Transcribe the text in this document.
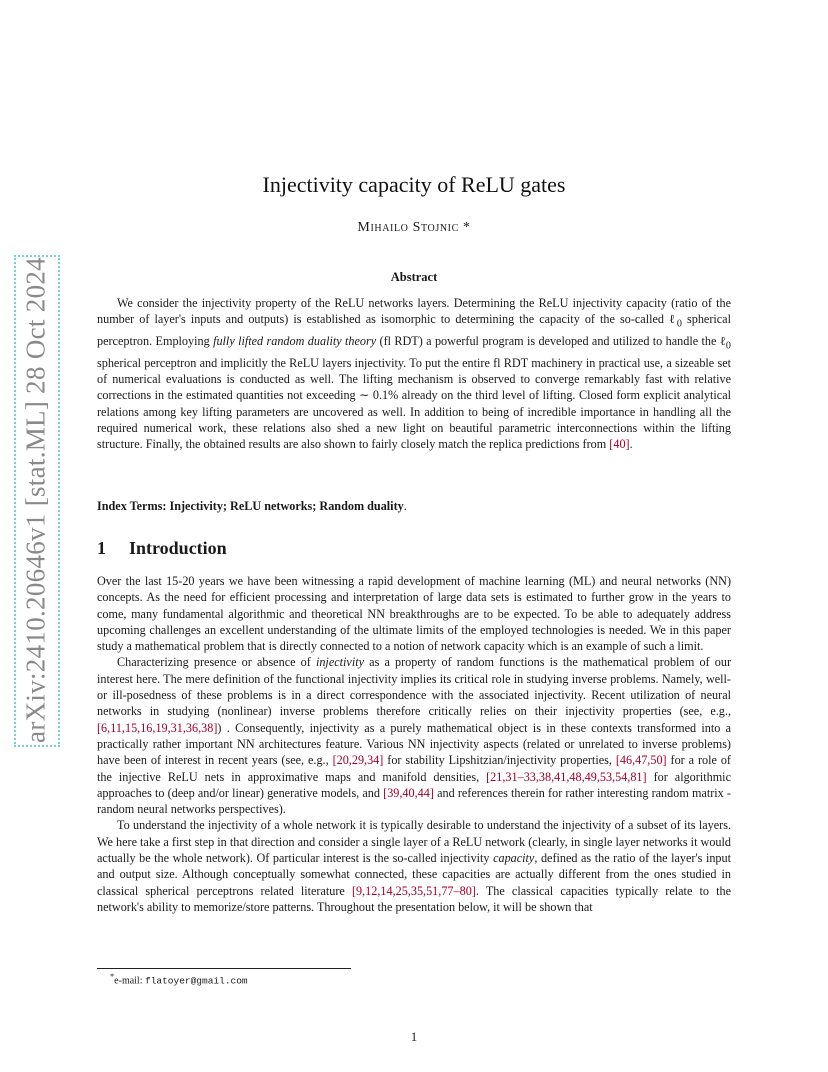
arXiv:2410.20646v1 [stat.ML] 28 Oct 2024
Injectivity capacity of ReLU gates
Mihailo Stojnic *
Abstract

We consider the injectivity property of the ReLU networks layers. Determining the ReLU injectivity capacity (ratio of the number of layer's inputs and outputs) is established as isomorphic to determining the capacity of the so-called ℓ$_0$ spherical perceptron. Employing fully lifted random duality theory (fl RDT) a powerful program is developed and utilized to handle the ℓ$_0$ spherical perceptron and implicitly the ReLU layers injectivity. To put the entire fl RDT machinery in practical use, a sizeable set of numerical evaluations is conducted as well. The lifting mechanism is observed to converge remarkably fast with relative corrections in the estimated quantities not exceeding ∼ 0.1% already on the third level of lifting. Closed form explicit analytical relations among key lifting parameters are uncovered as well. In addition to being of incredible importance in handling all the required numerical work, these relations also shed a new light on beautiful parametric interconnections within the lifting structure. Finally, the obtained results are also shown to fairly closely match the replica predictions from [40].

Index Terms: Injectivity; ReLU networks; Random duality.
1 Introduction

Over the last 15-20 years we have been witnessing a rapid development of machine learning (ML) and neural networks (NN) concepts. As the need for efficient processing and interpretation of large data sets is estimated to further grow in the years to come, many fundamental algorithmic and theoretical NN breakthroughs are to be expected. To be able to adequately address upcoming challenges an excellent understanding of the ultimate limits of the employed technologies is needed. We in this paper study a mathematical problem that is directly connected to a notion of network capacity which is an example of such a limit.

Characterizing presence or absence of injectivity as a property of random functions is the mathematical problem of our interest here. The mere definition of the functional injectivity implies its critical role in studying inverse problems. Namely, well- or ill-posedness of these problems is in a direct correspondence with the associated injectivity. Recent utilization of neural networks in studying (nonlinear) inverse problems therefore critically relies on their injectivity properties (see, e.g., [6,11,15,16,19,31,36,38]) . Consequently, injectivity as a purely mathematical object is in these contexts transformed into a practically rather important NN architectures feature. Various NN injectivity aspects (related or unrelated to inverse problems) have been of interest in recent years (see, e.g., [20,29,34] for stability Lipshitzian/injectivity properties, [46,47,50] for a role of the injective ReLU nets in approximative maps and manifold densities, [21,31–33,38,41,48,49,53,54,81] for algorithmic approaches to (deep and/or linear) generative models, and [39,40,44] and references therein for rather interesting random matrix - random neural networks perspectives).

To understand the injectivity of a whole network it is typically desirable to understand the injectivity of a subset of its layers. We here take a first step in that direction and consider a single layer of a ReLU network (clearly, in single layer networks it would actually be the whole network). Of particular interest is the so-called injectivity capacity, defined as the ratio of the layer's input and output size. Although conceptually somewhat connected, these capacities are actually different from the ones studied in classical spherical perceptrons related literature [9,12,14,25,35,51,77–80]. The classical capacities typically relate to the network's ability to memorize/store patterns. Throughout the presentation below, it will be shown that

*e-mail: flatoyer@gmail.com
1
